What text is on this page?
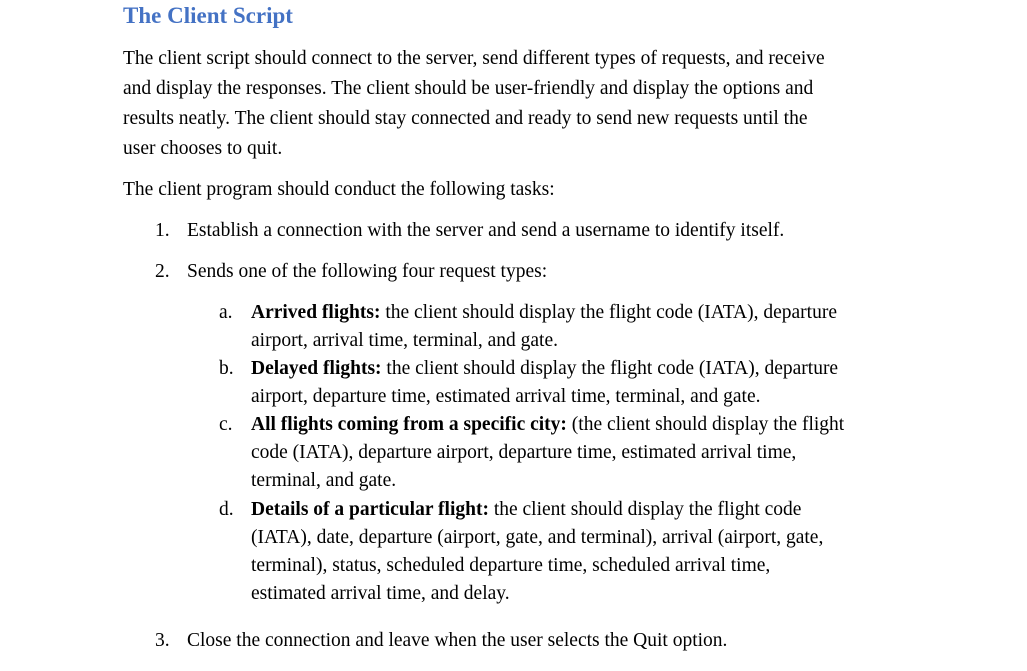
The Client Script

The client script should connect to the server, send different types of requests, and receive
and display the responses. The client should be user-friendly and display the options and
results neatly. The client should stay connected and ready to send new requests until the
user chooses to quit.

The client program should conduct the following tasks:

1. Establish a connection with the server and send a username to identify itself.
2. Sends one of the following four request types:
a. Arrived flights: the client should display the flight code (IATA), departure
airport, arrival time, terminal, and gate.
b. Delayed flights: the client should display the flight code (IATA), departure
airport, departure time, estimated arrival time, terminal, and gate.
c. All flights coming from a specific city: (the client should display the flight
code (IATA), departure airport, departure time, estimated arrival time,
terminal, and gate.
d. Details of a particular flight: the client should display the flight code
(IATA), date, departure (airport, gate, and terminal), arrival (airport, gate,
terminal), status, scheduled departure time, scheduled arrival time,
estimated arrival time, and delay.
3. Close the connection and leave when the user selects the Quit option.
